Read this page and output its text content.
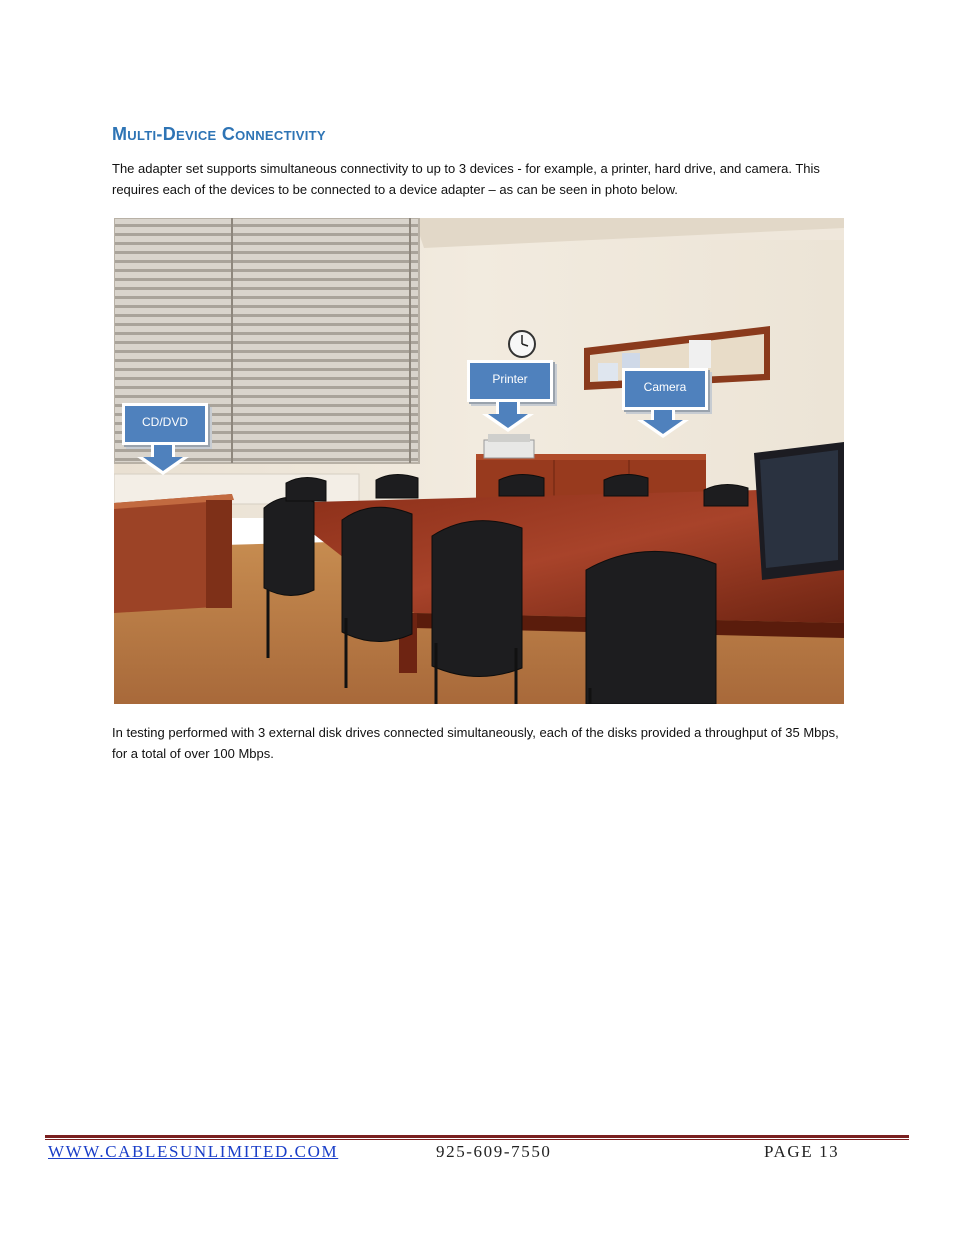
Multi-Device Connectivity
The adapter set supports simultaneous connectivity to up to 3 devices - for example, a printer, hard drive, and camera. This requires each of the devices to be connected to a device adapter – as can be seen in photo below.
CD/DVD
Printer
Camera
In testing performed with 3 external disk drives connected simultaneously, each of the disks provided a throughput of 35 Mbps, for a total of over 100 Mbps.
WWW.CABLESUNLIMITED.COM	925-609-7550	PAGE 13
